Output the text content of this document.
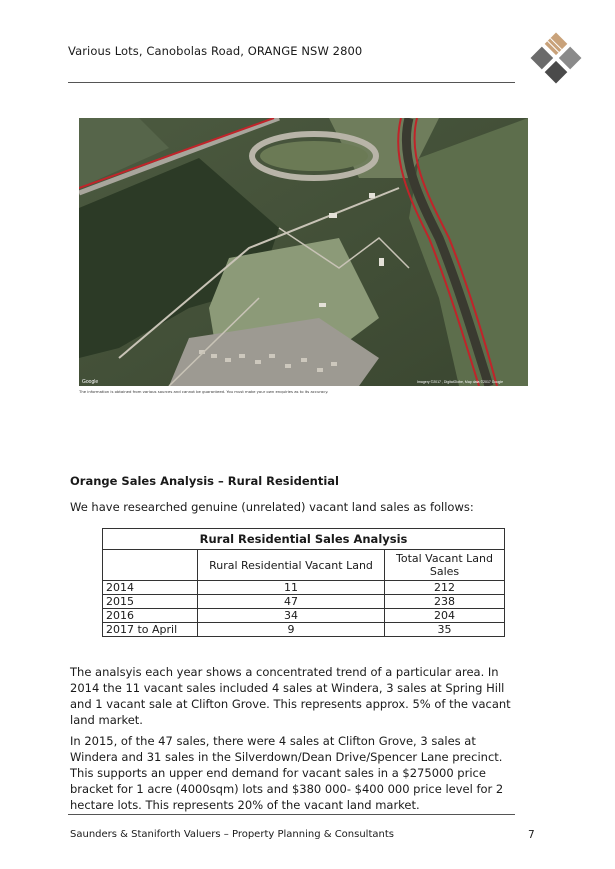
Various Lots, Canobolas Road, ORANGE NSW 2800
Google	Imagery ©2017 , DigitalGlobe, Map data ©2017 Google
The information is obtained from various sources and cannot be guaranteed. You must make your own enquiries as to its accuracy.
Orange Sales Analysis – Rural Residential
We have researched genuine (unrelated) vacant land sales as follows:
Rural Residential Sales Analysis		
	Rural Residential Vacant Land	Total Vacant Land Sales
2014	11	212
2015	47	238
2016	34	204
2017 to April	9	35

The analsyis each year shows a concentrated trend of a particular area. In 2014 the 11 vacant sales included 4 sales at Windera, 3 sales at Spring Hill and 1 vacant sale at Clifton Grove. This represents approx. 5% of the vacant land market.

In 2015, of the 47 sales, there were 4 sales at Clifton Grove, 3 sales at Windera and 31 sales in the Silverdown/Dean Drive/Spencer Lane precinct. This supports an upper end demand for vacant sales in a $275000 price bracket for 1 acre (4000sqm) lots and $380 000- $400 000 price level for 2 hectare lots. This represents 20% of the vacant land market.

Saunders & Staniforth Valuers – Property Planning & Consultants	7
